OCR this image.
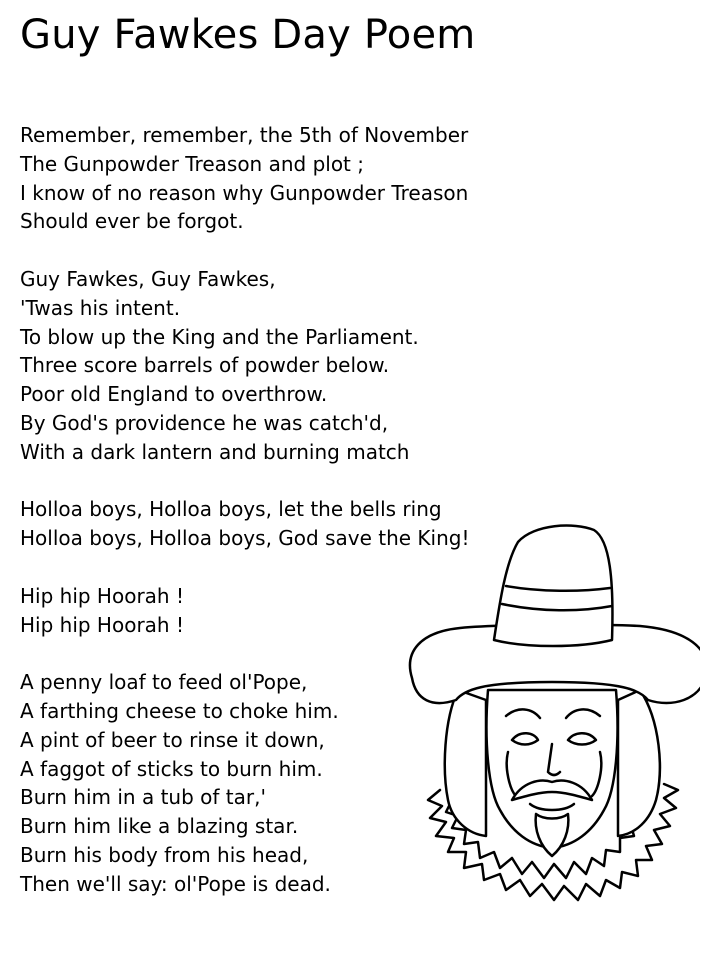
Guy Fawkes Day Poem
Remember, remember, the 5th of November
The Gunpowder Treason and plot ;
I know of no reason why Gunpowder Treason
Should ever be forgot.
Guy Fawkes, Guy Fawkes,
'Twas his intent.
To blow up the King and the Parliament.
Three score barrels of powder below.
Poor old England to overthrow.
By God's providence he was catch'd,
With a dark lantern and burning match
Holloa boys, Holloa boys, let the bells ring
Holloa boys, Holloa boys, God save the King!
Hip hip Hoorah !
Hip hip Hoorah !
A penny loaf to feed ol'Pope,
A farthing cheese to choke him.
A pint of beer to rinse it down,
A faggot of sticks to burn him.
Burn him in a tub of tar,'
Burn him like a blazing star.
Burn his body from his head,
Then we'll say: ol'Pope is dead.
